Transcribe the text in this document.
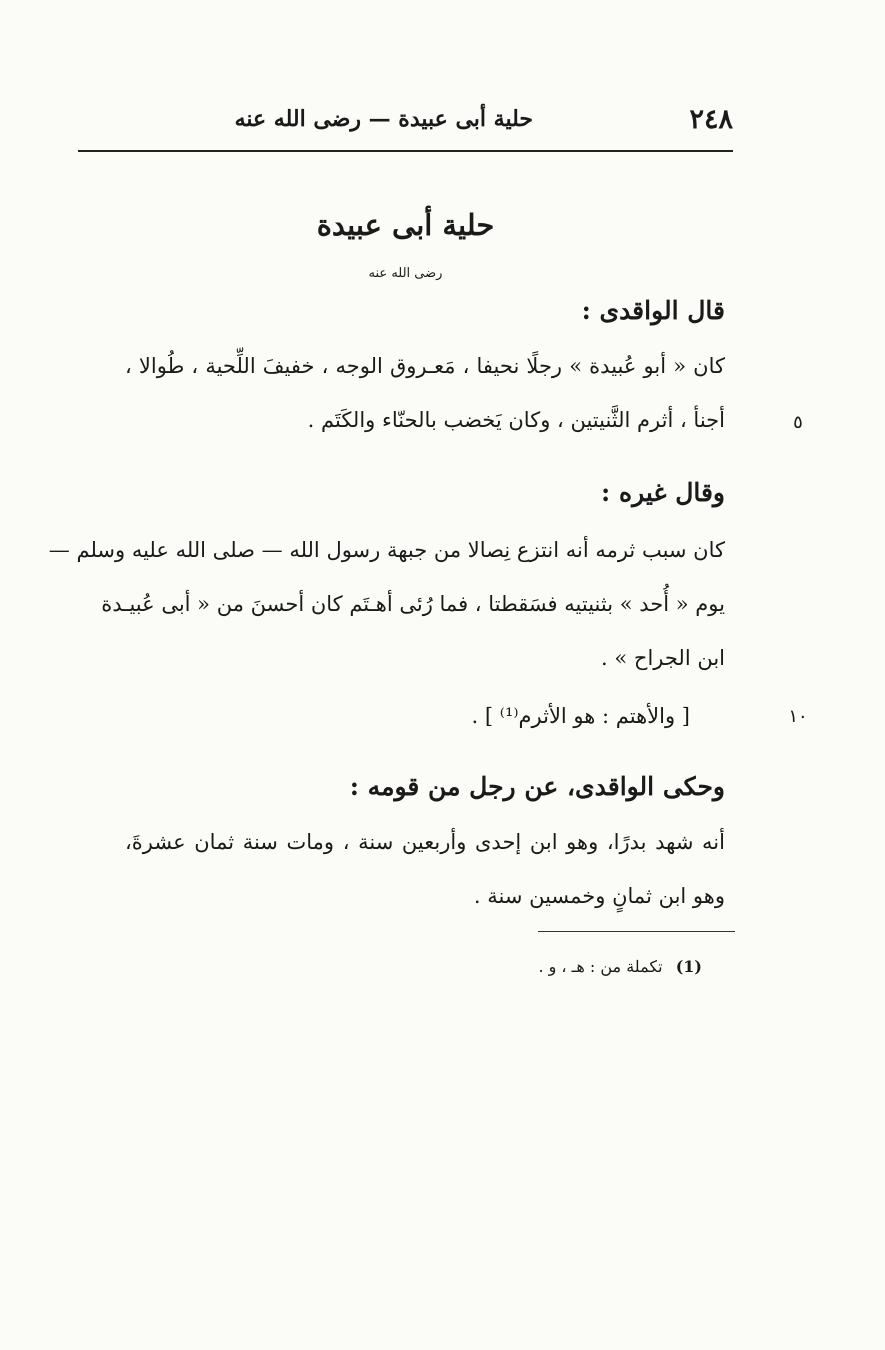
٢٤٨
حلية أبى عبيدة — رضى الله عنه
حلية أبى عبيدة
رضى الله عنه
قال الواقدى :
كان « أبو عُبيدة » رجلًا نحيفا ، مَعـروق الوجه ، خفيفَ اللِّحية ، طُوالا ،
أجنأ ، أثرم الثَّنيتين ، وكان يَخضب بالحنّاء والكَتَم .	٥
وقال غيره :
كان سبب ثرمه أنه انتزع نِصالا من جبهة رسول الله — صلى الله عليه وسلم —
يوم « أُحد » بثنيتيه فسَقطتا ، فما رُئى أهـتَم كان أحسنَ من « أبى عُبيـدة
ابن الجراح » .
[ والأهتم : هو الأثرم⁽¹⁾ ] .	١٠
وحكى الواقدى، عن رجل من قومه :
أنه شهد بدرًا، وهو ابن إحدى وأربعين سنة ، ومات سنة ثمان عشرةَ،
وهو ابن ثمانٍ وخمسين سنة .
(1) تكملة من : هـ ، و .
